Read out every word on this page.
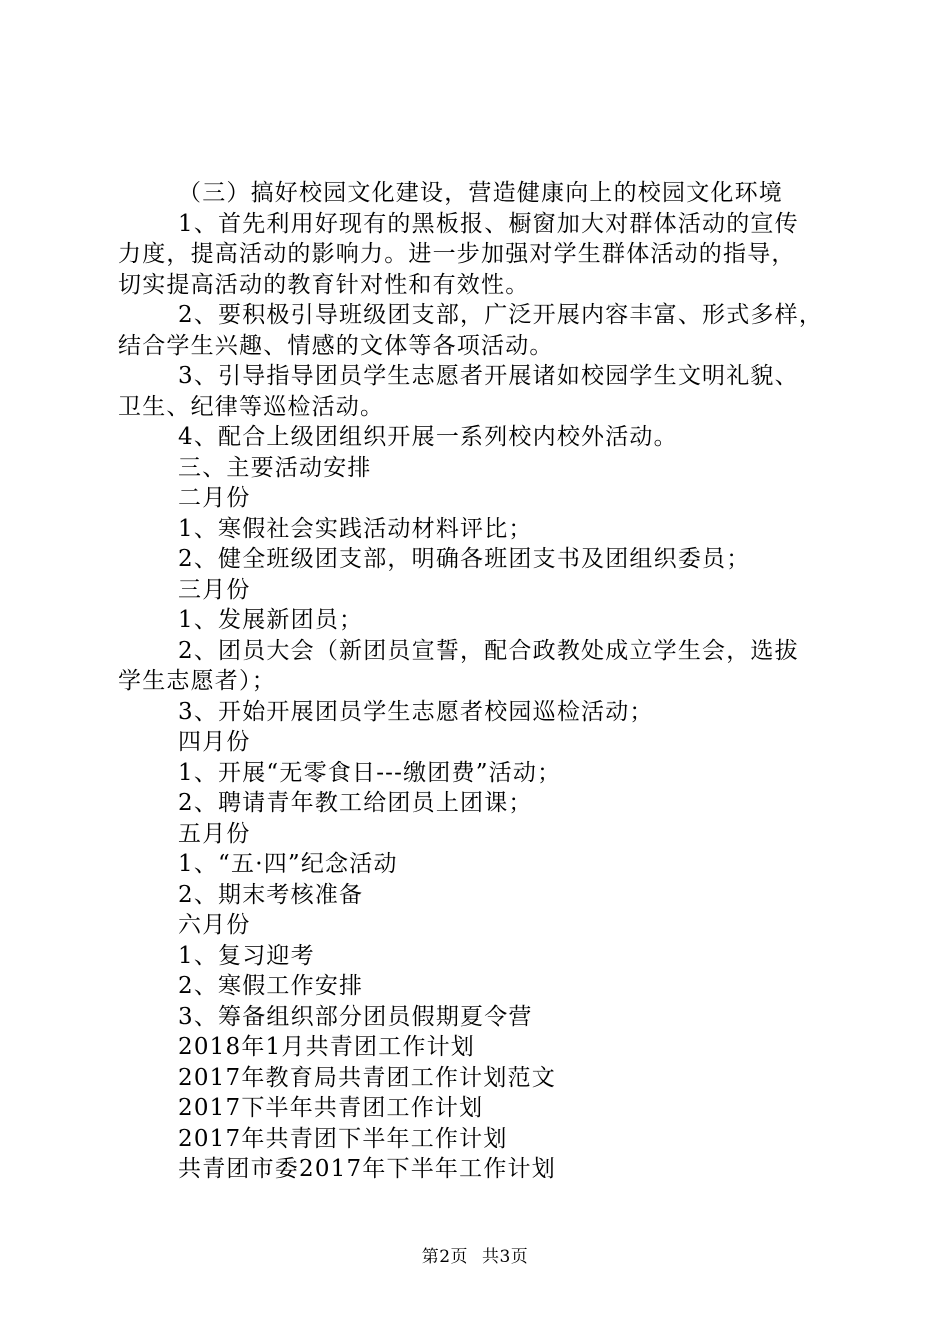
（三）搞好校园文化建设，营造健康向上的校园文化环境
1、首先利用好现有的黑板报、橱窗加大对群体活动的宣传
力度，提高活动的影响力。进一步加强对学生群体活动的指导，
切实提高活动的教育针对性和有效性。
2、要积极引导班级团支部，广泛开展内容丰富、形式多样，
结合学生兴趣、情感的文体等各项活动。
3、引导指导团员学生志愿者开展诸如校园学生文明礼貌、
卫生、纪律等巡检活动。
4、配合上级团组织开展一系列校内校外活动。
三、主要活动安排
二月份
1、寒假社会实践活动材料评比；
2、健全班级团支部，明确各班团支书及团组织委员；
三月份
1、发展新团员；
2、团员大会（新团员宣誓，配合政教处成立学生会，选拔
学生志愿者）；
3、开始开展团员学生志愿者校园巡检活动；
四月份
1、开展“无零食日---缴团费”活动；
2、聘请青年教工给团员上团课；
五月份
1、“五·四”纪念活动
2、期末考核准备
六月份
1、复习迎考
2、寒假工作安排
3、筹备组织部分团员假期夏令营
2018年1月共青团工作计划
2017年教育局共青团工作计划范文
2017下半年共青团工作计划
2017年共青团下半年工作计划
共青团市委2017年下半年工作计划
第2页 共3页
